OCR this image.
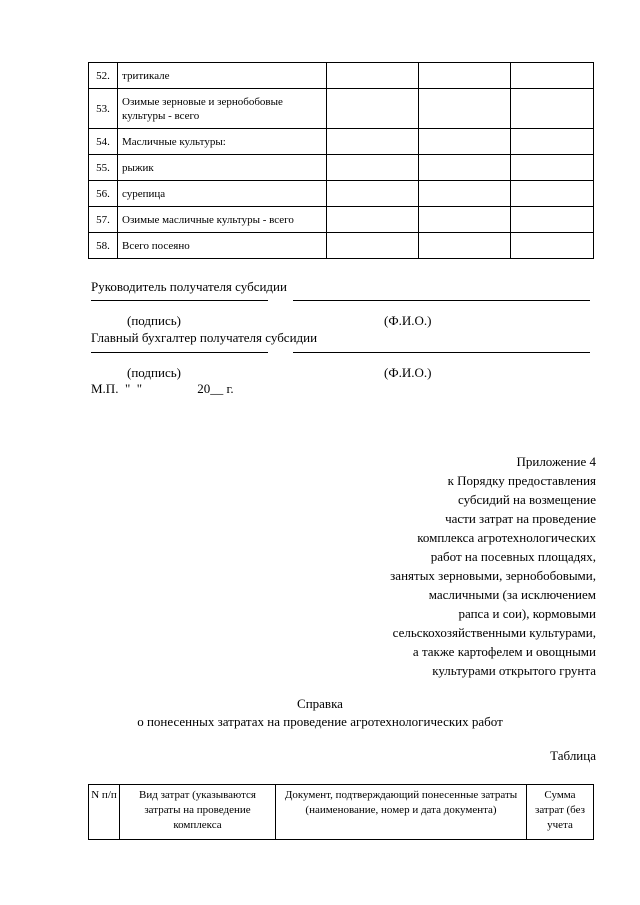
52.	тритикале			
53.	Озимые зерновые и зернобобовые культуры - всего			
54.	Масличные культуры:			
55.	рыжик			
56.	сурепица			
57.	Озимые масличные культуры - всего			
58.	Всего посеяно			
Руководитель получателя субсидии
(подпись)	(Ф.И.О.)
Главный бухгалтер получателя субсидии
(подпись)	(Ф.И.О.)
М.П.  "  "                 20__ г.
Приложение 4
к Порядку предоставления
субсидий на возмещение
части затрат на проведение
комплекса агротехнологических
работ на посевных площадях,
занятых зерновыми, зернобобовыми,
масличными (за исключением
рапса и сои), кормовыми
сельскохозяйственными культурами,
а также картофелем и овощными
культурами открытого грунта
Справка
о понесенных затратах на проведение агротехнологических работ
Таблица
N п/п	Вид затрат (указываются затраты на проведение комплекса	Документ, подтверждающий понесенные затраты (наименование, номер и дата документа)	Сумма затрат (без учета
